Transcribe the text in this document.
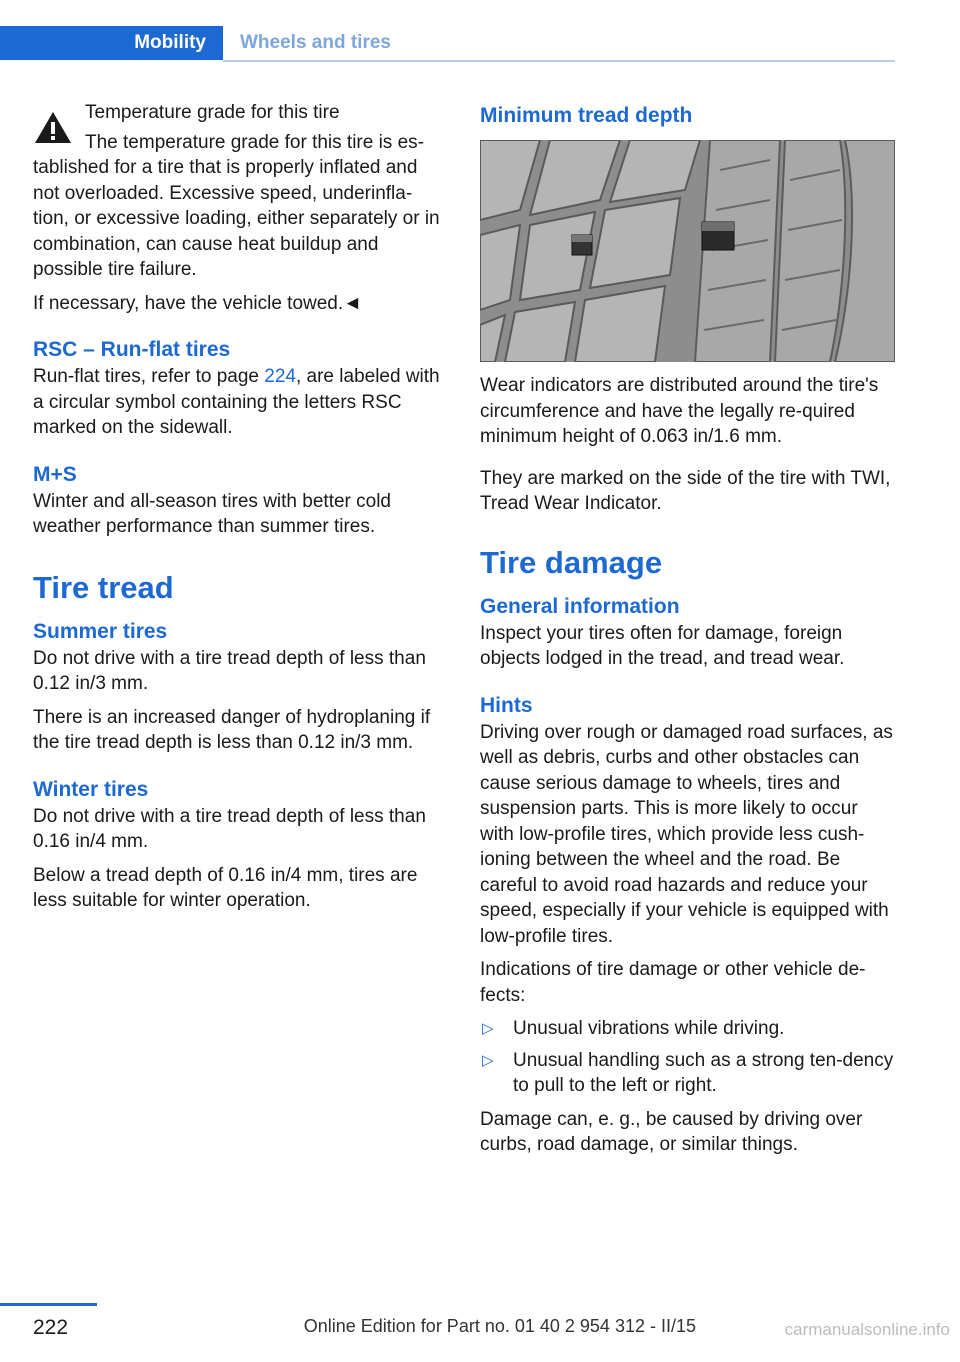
Mobility	Wheels and tires

Temperature grade for this tire

The temperature grade for this tire is es-

tablished for a tire that is properly inflated and not overloaded. Excessive speed, underinfla-tion, or excessive loading, either separately or in combination, can cause heat buildup and possible tire failure.

If necessary, have the vehicle towed.◄

RSC – Run-flat tires

Run-flat tires, refer to page 224, are labeled with a circular symbol containing the letters RSC marked on the sidewall.

M+S

Winter and all-season tires with better cold weather performance than summer tires.

Tire tread
Summer tires

Do not drive with a tire tread depth of less than 0.12 in/3 mm.

There is an increased danger of hydroplaning if the tire tread depth is less than 0.12 in/3 mm.

Winter tires

Do not drive with a tire tread depth of less than 0.16 in/4 mm.

Below a tread depth of 0.16 in/4 mm, tires are less suitable for winter operation.

Minimum tread depth

Wear indicators are distributed around the tire's circumference and have the legally re-quired minimum height of 0.063 in/1.6 mm.

They are marked on the side of the tire with TWI, Tread Wear Indicator.

Tire damage
General information

Inspect your tires often for damage, foreign objects lodged in the tread, and tread wear.

Hints

Driving over rough or damaged road surfaces, as well as debris, curbs and other obstacles can cause serious damage to wheels, tires and suspension parts. This is more likely to occur with low-profile tires, which provide less cush-ioning between the wheel and the road. Be careful to avoid road hazards and reduce your speed, especially if your vehicle is equipped with low-profile tires.

Indications of tire damage or other vehicle de-fects:

▷ Unusual vibrations while driving.
▷ Unusual handling such as a strong ten-dency to pull to the left or right.

Damage can, e. g., be caused by driving over curbs, road damage, or similar things.

222	Online Edition for Part no. 01 40 2 954 312 - II/15	carmanualsonline.info
